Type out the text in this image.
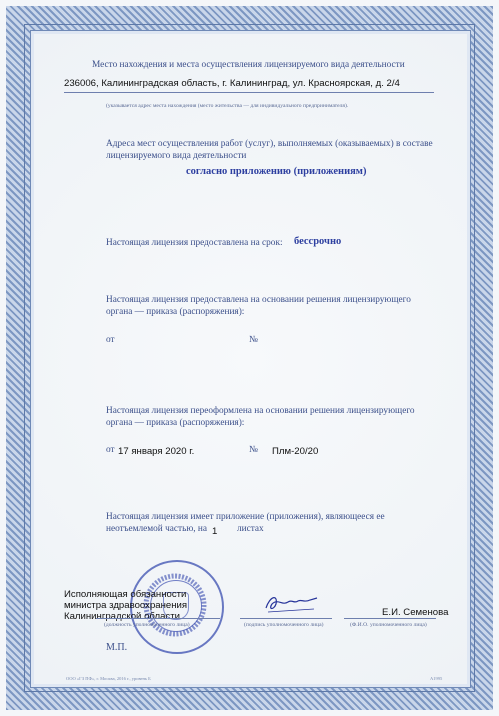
Место нахождения и места осуществления лицензируемого вида деятельности
236006, Калининградская область, г. Калининград, ул. Красноярская, д. 2/4
(указывается адрес места нахождения (место жительства — для индивидуального предпринимателя).
Адреса мест осуществления работ (услуг), выполняемых (оказываемых) в составе
лицензируемого вида деятельности
согласно приложению (приложениям)
Настоящая лицензия предоставлена на срок: бессрочно
Настоящая лицензия предоставлена на основании решения лицензирующего
органа — приказа (распоряжения):
от	№
Настоящая лицензия переоформлена на основании решения лицензирующего
органа — приказа (распоряжения):
от 17 января 2020 г.	№ Плм-20/20
Настоящая лицензия имеет приложение (приложения), являющееся ее
неотъемлемой частью, на 1 листах
Исполняющая обязанности
министра здравоохранения
Калининградской области
(должность уполномоченного лица)	(подпись уполномоченного лица)
Е.И. Семенова
(Ф.И.О. уполномоченного лица)
М.П.
ООО «ГЗ ПФ», г. Москва, 2016 г., уровень Б	А1995
